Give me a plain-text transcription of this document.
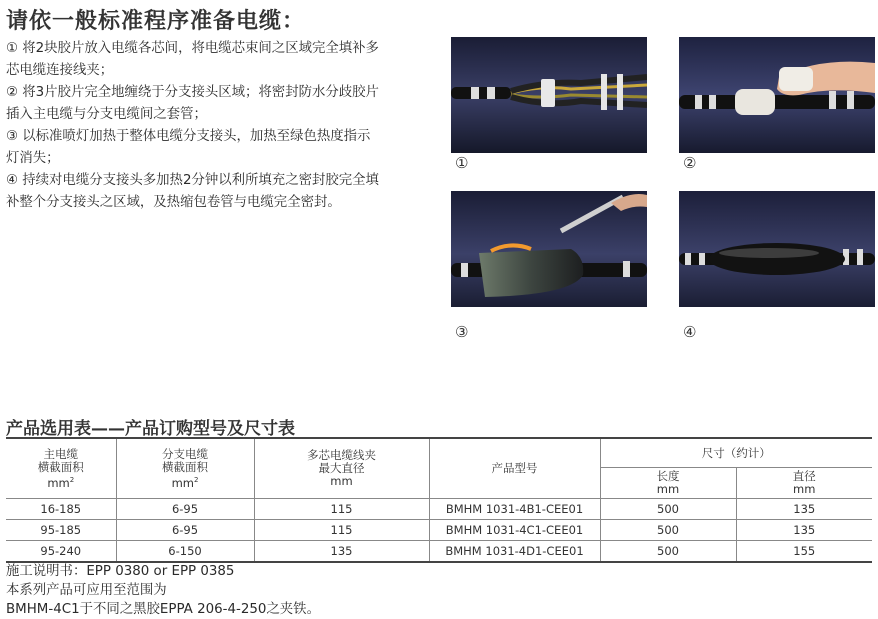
请依一般标准程序准备电缆：

① 将2块胶片放入电缆各芯间，将电缆芯束间之区域完全填补多

芯电缆连接线夹；

② 将3片胶片完全地缠绕于分支接头区域；将密封防水分歧胶片

插入主电缆与分支电缆间之套管；

③ 以标准喷灯加热于整体电缆分支接头，加热至绿色热度指示

灯消失；

④ 持续对电缆分支接头多加热2分钟以利所填充之密封胶完全填

补整个分支接头之区域，及热缩包卷管与电缆完全密封。

①	②
③	④
产品选用表——产品订购型号及尺寸表
主电缆
横截面积
$mm^2$	分支电缆
横截面积
$mm^2$	多芯电缆线夹
最大直径
mm	产品型号	尺寸（约计）	

				长度
mm	直径
mm

16-185	6-95	115	BMHM 1031-4B1-CEE01	500	135
95-185	6-95	115	BMHM 1031-4C1-CEE01	500	135
95-240	6-150	135	BMHM 1031-4D1-CEE01	500	155
施工说明书：EPP 0380 or EPP 0385
本系列产品可应用至范围为
BMHM-4C1于不同之黑胶EPPA 206-4-250之夹铁。
